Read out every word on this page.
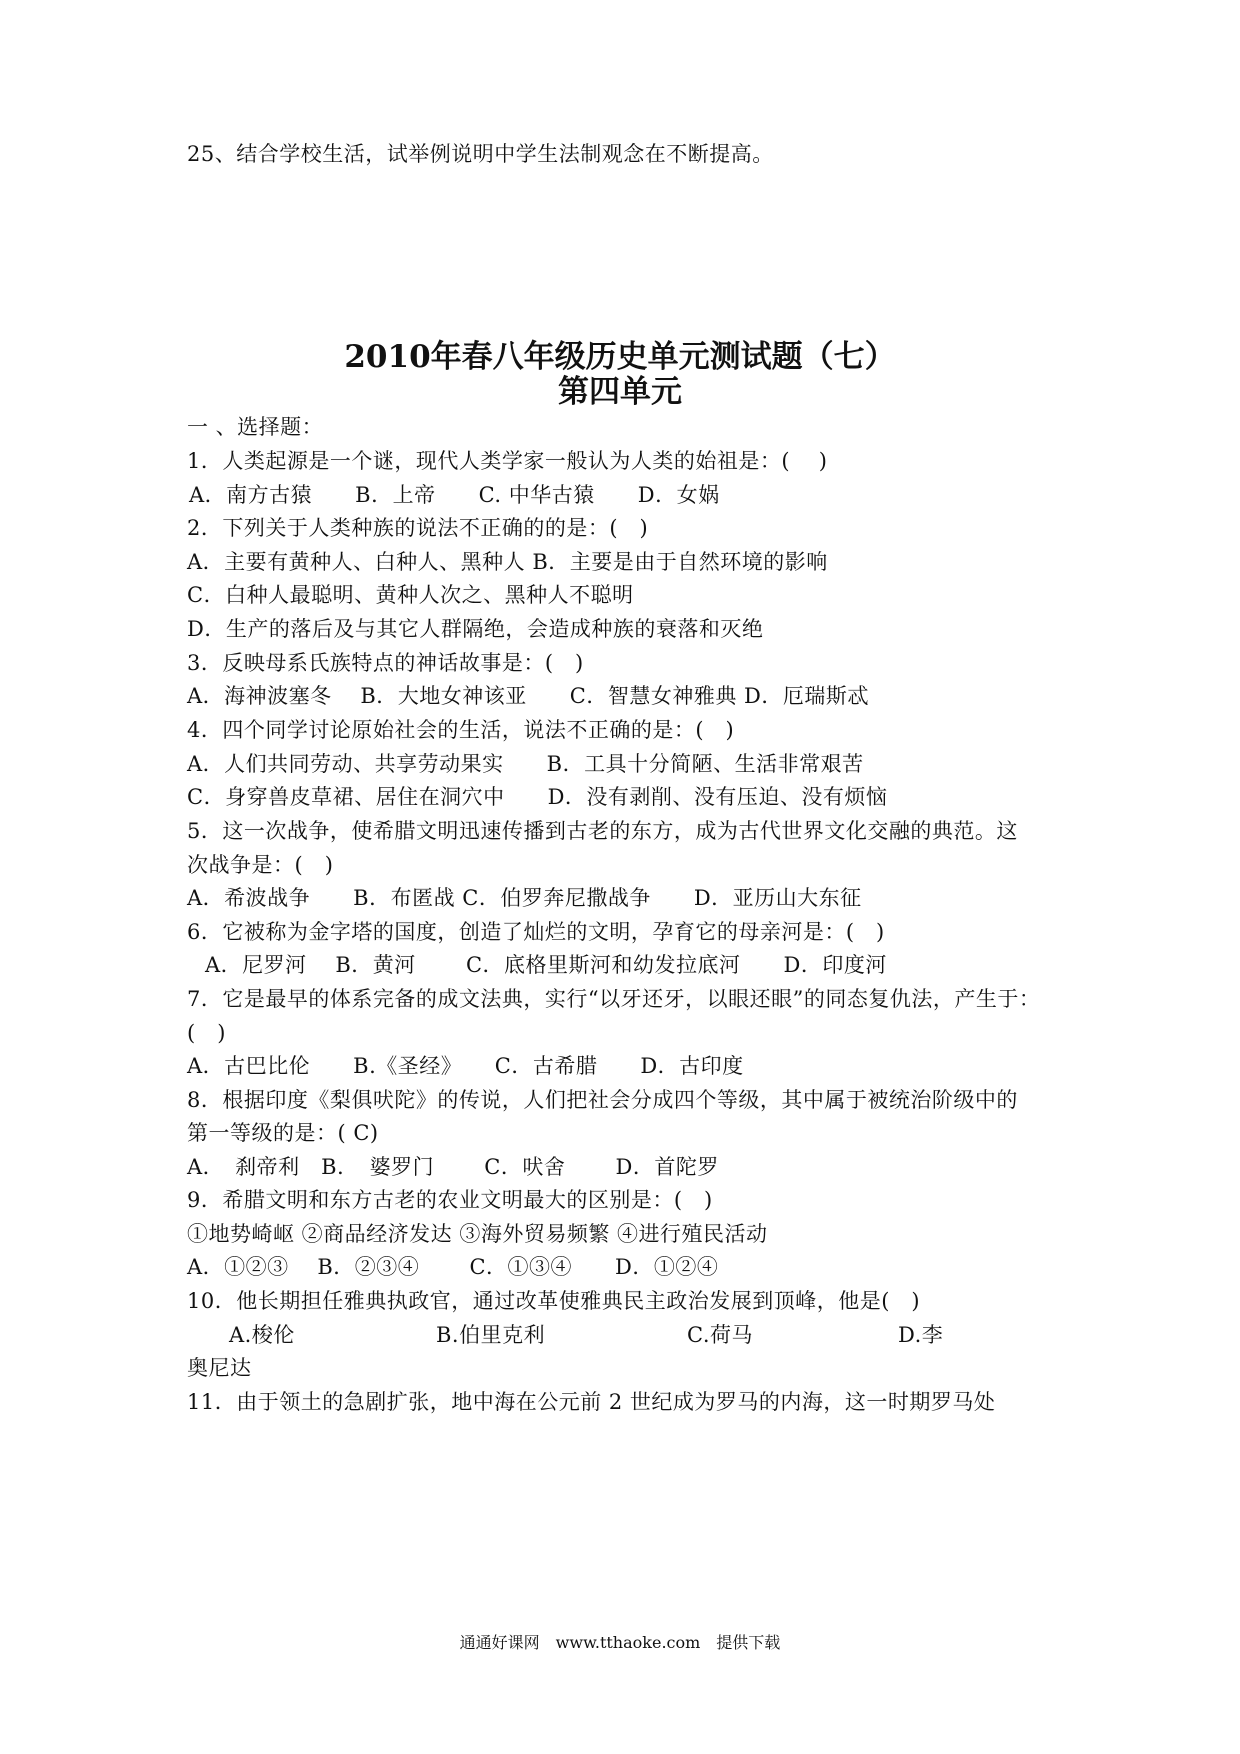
25、结合学校生活，试举例说明中学生法制观念在不断提高。
2010年春八年级历史单元测试题（七）
第四单元
一 、选择题：
1．人类起源是一个谜，现代人类学家一般认为人类的始祖是：(　 )
A．南方古猿　　B．上帝　　C. 中华古猿　　D．女娲
2．下列关于人类种族的说法不正确的的是：(　)
A．主要有黄种人、白种人、黑种人 B．主要是由于自然环境的影响
C．白种人最聪明、黄种人次之、黑种人不聪明
D．生产的落后及与其它人群隔绝，会造成种族的衰落和灭绝
3．反映母系氏族特点的神话故事是：(　)
A．海神波塞冬　 B．大地女神该亚　　C．智慧女神雅典 D．厄瑞斯忒
4．四个同学讨论原始社会的生活，说法不正确的是：(　)
A．人们共同劳动、共享劳动果实　　B．工具十分简陋、生活非常艰苦
C．身穿兽皮草裙、居住在洞穴中　　D．没有剥削、没有压迫、没有烦恼
5．这一次战争，使希腊文明迅速传播到古老的东方，成为古代世界文化交融的典范。这
次战争是：(　)
A．希波战争　　B．布匿战 C．伯罗奔尼撒战争　　D．亚历山大东征
6．它被称为金字塔的国度，创造了灿烂的文明，孕育它的母亲河是：(　)
A．尼罗河　 B．黄河　　 C．底格里斯河和幼发拉底河　　D．印度河
7．它是最早的体系完备的成文法典，实行“以牙还牙，以眼还眼”的同态复仇法，产生于：
(　)
A．古巴比伦　　B.《圣经》　　C．古希腊　　D．古印度
8．根据印度《梨俱吠陀》的传说，人们把社会分成四个等级，其中属于被统治阶级中的
第一等级的是：( C)
A．　刹帝利　B．　婆罗门　　 C．吠舍　　 D．首陀罗
9．希腊文明和东方古老的农业文明最大的区别是：(　)
①地势崎岖 ②商品经济发达 ③海外贸易频繁 ④进行殖民活动
A．①②③　 B．②③④　　 C．①③④　　D．①②④
10．他长期担任雅典执政官，通过改革使雅典民主政治发展到顶峰，他是(　)
A.梭伦	B.伯里克利	C.荷马	D.李
奥尼达
11．由于领土的急剧扩张，地中海在公元前 2 世纪成为罗马的内海，这一时期罗马处
通通好课网　www.tthaoke.com　提供下载
